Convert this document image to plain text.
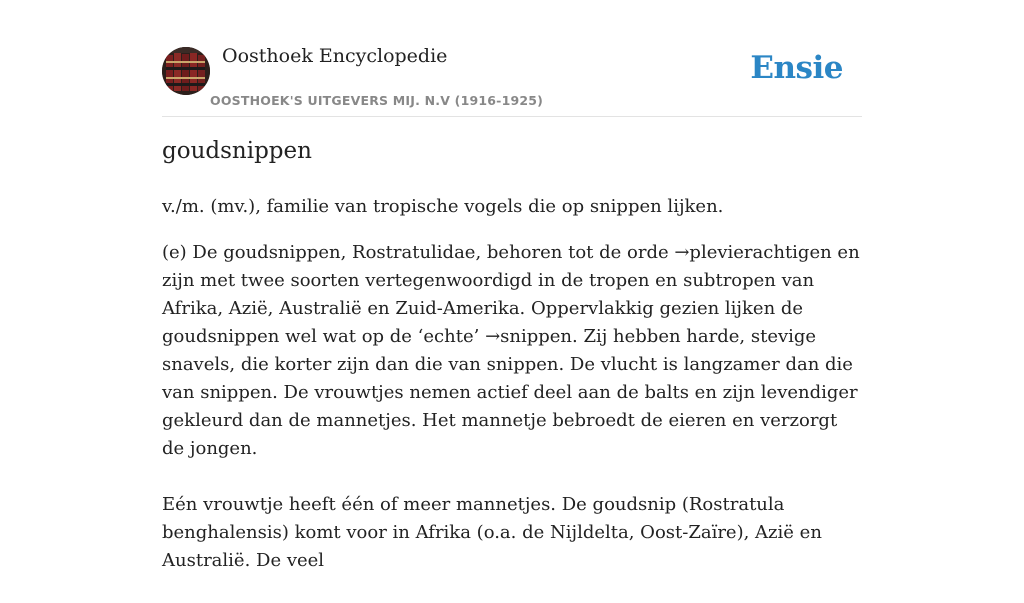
Oosthoek Encyclopedie
OOSTHOEK'S UITGEVERS MIJ. N.V (1916-1925)
Ensie
goudsnippen

v./m. (mv.), familie van tropische vogels die op snippen lijken.

(e) De goudsnippen, Rostratulidae, behoren tot de orde →plevierachtigen en zijn met twee soorten vertegenwoordigd in de tropen en subtropen van Afrika, Azië, Australië en Zuid-Amerika. Oppervlakkig gezien lijken de goudsnippen wel wat op de ‘echte’ →snippen. Zij hebben harde, stevige snavels, die korter zijn dan die van snippen. De vlucht is langzamer dan die van snippen. De vrouwtjes nemen actief deel aan de balts en zijn levendiger gekleurd dan de mannetjes. Het mannetje bebroedt de eieren en verzorgt de jongen.

Eén vrouwtje heeft één of meer mannetjes. De goudsnip (Rostratula benghalensis) komt voor in Afrika (o.a. de Nijldelta, Oost-Zaïre), Azië en Australië. De veel
